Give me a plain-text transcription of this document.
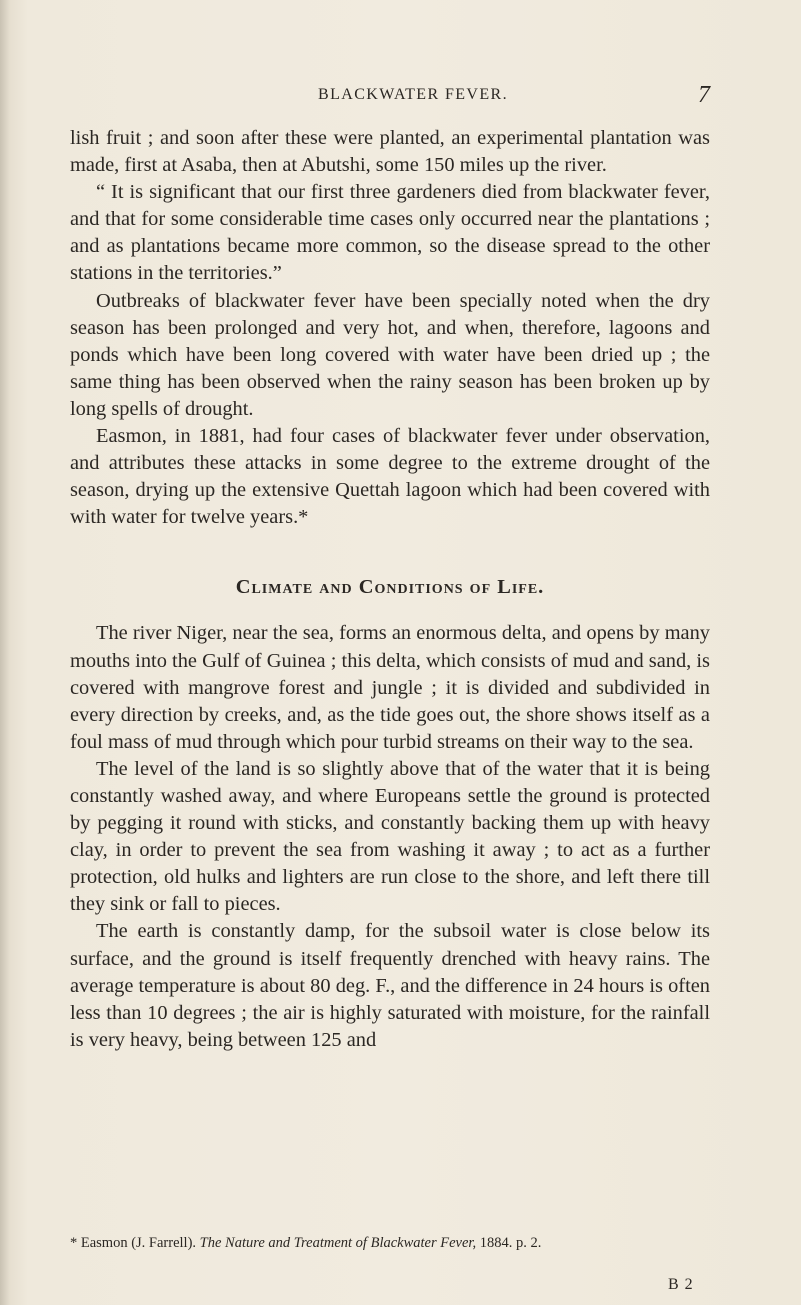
BLACKWATER FEVER.	7

lish fruit ; and soon after these were planted, an experimental plantation was made, first at Asaba, then at Abutshi, some 150 miles up the river.

“ It is significant that our first three gardeners died from blackwater fever, and that for some considerable time cases only occurred near the plantations ; and as plantations became more common, so the disease spread to the other stations in the territories.”

Outbreaks of blackwater fever have been specially noted when the dry season has been prolonged and very hot, and when, therefore, lagoons and ponds which have been long covered with water have been dried up ; the same thing has been observed when the rainy season has been broken up by long spells of drought.

Easmon, in 1881, had four cases of blackwater fever under observation, and attributes these attacks in some degree to the extreme drought of the season, drying up the extensive Quettah lagoon which had been covered with with water for twelve years.*

Climate and Conditions of Life.

The river Niger, near the sea, forms an enormous delta, and opens by many mouths into the Gulf of Guinea ; this delta, which consists of mud and sand, is covered with mangrove forest and jungle ; it is divided and subdivided in every direction by creeks, and, as the tide goes out, the shore shows itself as a foul mass of mud through which pour turbid streams on their way to the sea.

The level of the land is so slightly above that of the water that it is being constantly washed away, and where Europeans settle the ground is protected by pegging it round with sticks, and constantly backing them up with heavy clay, in order to prevent the sea from washing it away ; to act as a further protection, old hulks and lighters are run close to the shore, and left there till they sink or fall to pieces.

The earth is constantly damp, for the subsoil water is close below its surface, and the ground is itself frequently drenched with heavy rains. The average temperature is about 80 deg. F., and the difference in 24 hours is often less than 10 degrees ; the air is highly saturated with moisture, for the rainfall is very heavy, being between 125 and

* Easmon (J. Farrell). The Nature and Treatment of Blackwater Fever, 1884. p. 2.
B 2
